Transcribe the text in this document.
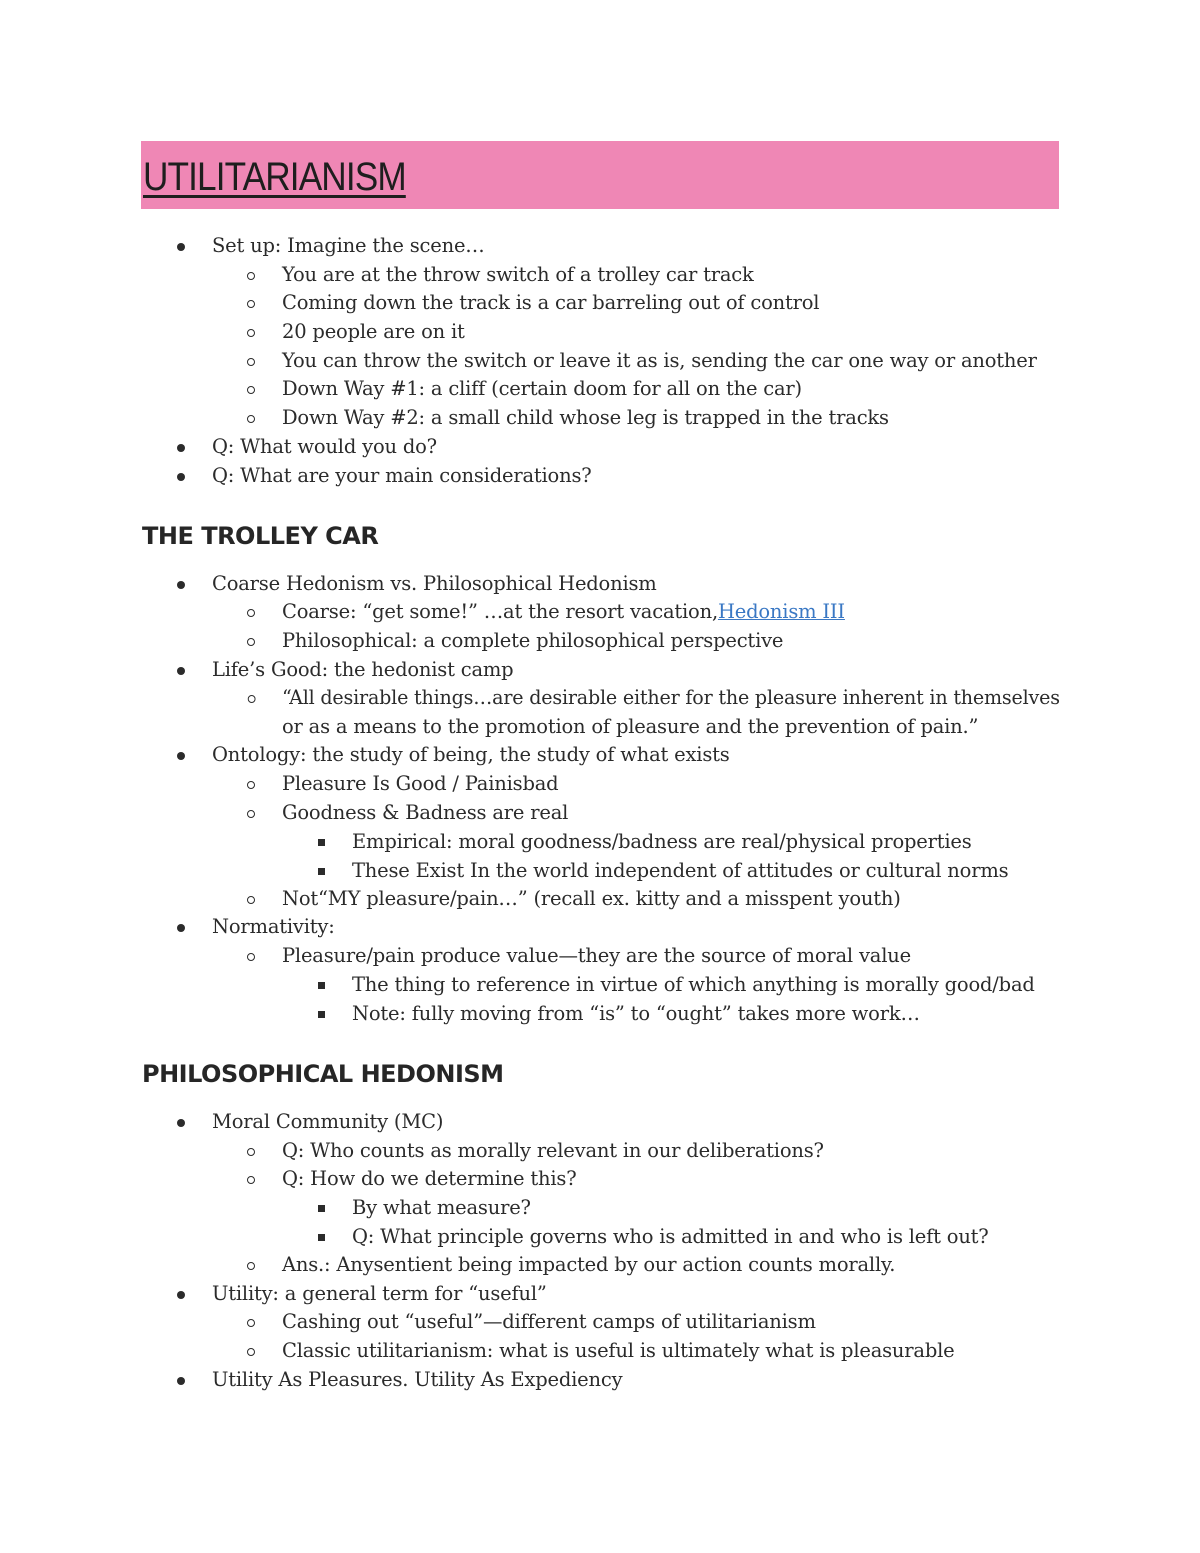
UTILITARIANISM
Set up: Imagine the scene…
You are at the throw switch of a trolley car track
Coming down the track is a car barreling out of control
20 people are on it
You can throw the switch or leave it as is, sending the car one way or another
Down Way #1: a cliff (certain doom for all on the car)
Down Way #2: a small child whose leg is trapped in the tracks
Q: What would you do?
Q: What are your main considerations?
THE TROLLEY CAR
Coarse Hedonism vs. Philosophical Hedonism
Coarse: “get some!” …at the resort vacation,Hedonism III
Philosophical: a complete philosophical perspective
Life’s Good: the hedonist camp
“All desirable things…are desirable either for the pleasure inherent in themselves
or as a means to the promotion of pleasure and the prevention of pain.”
Ontology: the study of being, the study of what exists
Pleasure Is Good / Painisbad
Goodness & Badness are real
Empirical: moral goodness/badness are real/physical properties
These Exist In the world independent of attitudes or cultural norms
Not“MY pleasure/pain…” (recall ex. kitty and a misspent youth)
Normativity:
Pleasure/pain produce value—they are the source of moral value
The thing to reference in virtue of which anything is morally good/bad
Note: fully moving from “is” to “ought” takes more work…
PHILOSOPHICAL HEDONISM
Moral Community (MC)
Q: Who counts as morally relevant in our deliberations?
Q: How do we determine this?
By what measure?
Q: What principle governs who is admitted in and who is left out?
Ans.: Anysentient being impacted by our action counts morally.
Utility: a general term for “useful”
Cashing out “useful”—different camps of utilitarianism
Classic utilitarianism: what is useful is ultimately what is pleasurable
Utility As Pleasures. Utility As Expediency
